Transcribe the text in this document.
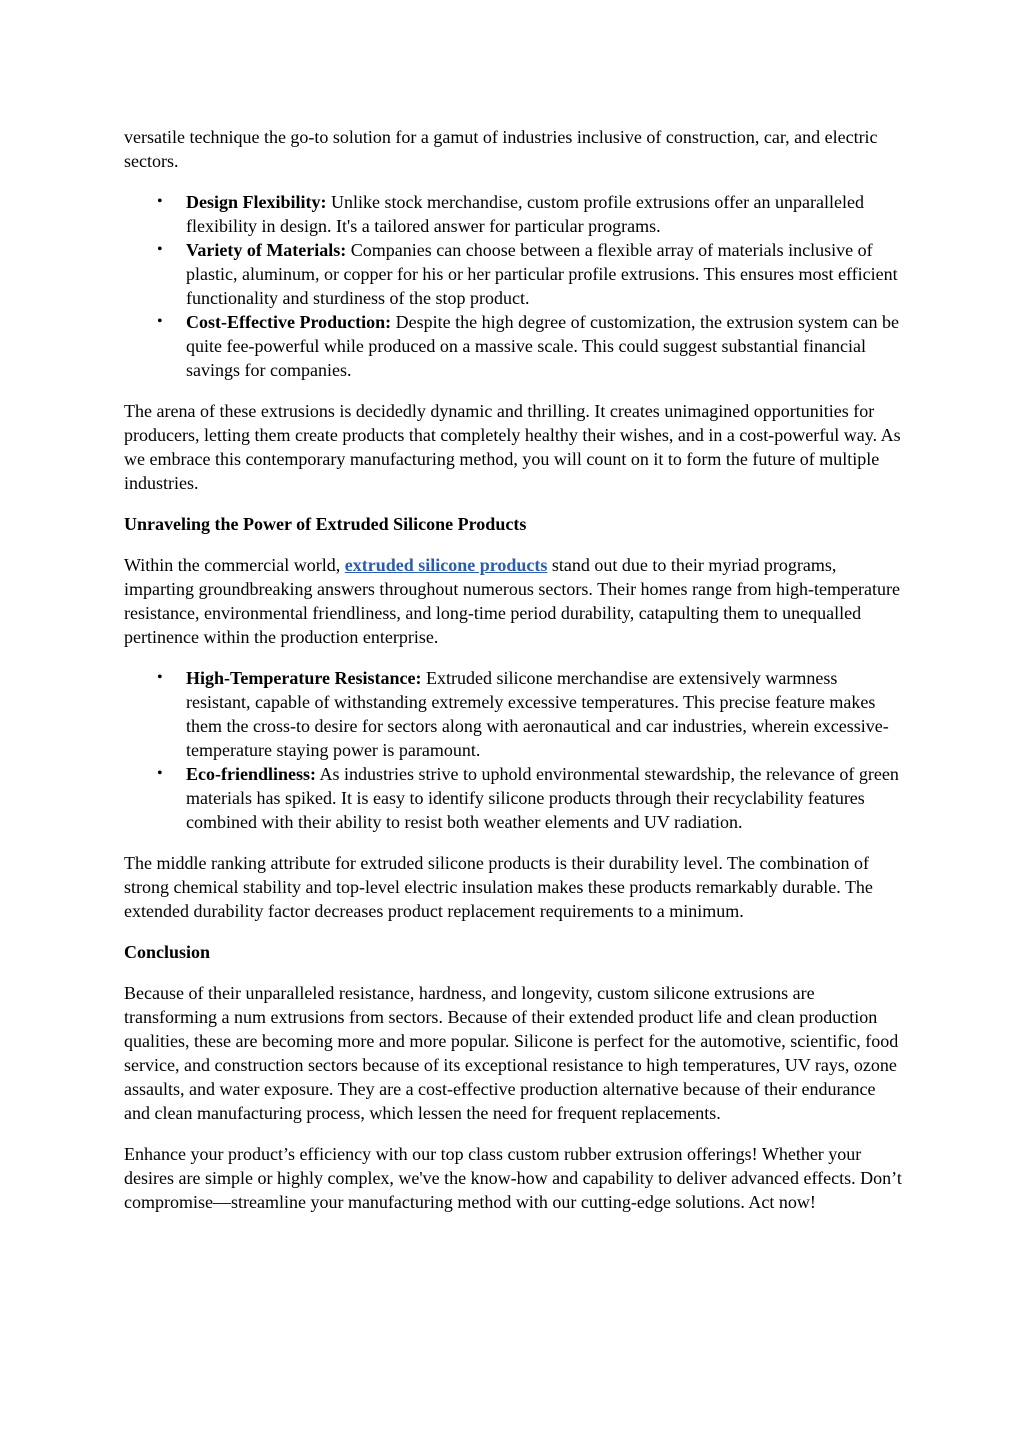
versatile technique the go-to solution for a gamut of industries inclusive of construction, car, and electric sectors.

• Design Flexibility: Unlike stock merchandise, custom profile extrusions offer an unparalleled flexibility in design. It's a tailored answer for particular programs.
• Variety of Materials: Companies can choose between a flexible array of materials inclusive of plastic, aluminum, or copper for his or her particular profile extrusions. This ensures most efficient functionality and sturdiness of the stop product.
• Cost-Effective Production: Despite the high degree of customization, the extrusion system can be quite fee-powerful while produced on a massive scale. This could suggest substantial financial savings for companies.

The arena of these extrusions is decidedly dynamic and thrilling. It creates unimagined opportunities for producers, letting them create products that completely healthy their wishes, and in a cost-powerful way. As we embrace this contemporary manufacturing method, you will count on it to form the future of multiple industries.

Unraveling the Power of Extruded Silicone Products

Within the commercial world, extruded silicone products stand out due to their myriad programs, imparting groundbreaking answers throughout numerous sectors. Their homes range from high-temperature resistance, environmental friendliness, and long-time period durability, catapulting them to unequalled pertinence within the production enterprise.

• High-Temperature Resistance: Extruded silicone merchandise are extensively warmness resistant, capable of withstanding extremely excessive temperatures. This precise feature makes them the cross-to desire for sectors along with aeronautical and car industries, wherein excessive-temperature staying power is paramount.
• Eco-friendliness: As industries strive to uphold environmental stewardship, the relevance of green materials has spiked. It is easy to identify silicone products through their recyclability features combined with their ability to resist both weather elements and UV radiation.

The middle ranking attribute for extruded silicone products is their durability level. The combination of strong chemical stability and top-level electric insulation makes these products remarkably durable. The extended durability factor decreases product replacement requirements to a minimum.

Conclusion

Because of their unparalleled resistance, hardness, and longevity, custom silicone extrusions are transforming a num extrusions from sectors. Because of their extended product life and clean production qualities, these are becoming more and more popular. Silicone is perfect for the automotive, scientific, food service, and construction sectors because of its exceptional resistance to high temperatures, UV rays, ozone assaults, and water exposure. They are a cost-effective production alternative because of their endurance and clean manufacturing process, which lessen the need for frequent replacements.

Enhance your product’s efficiency with our top class custom rubber extrusion offerings! Whether your desires are simple or highly complex, we've the know-how and capability to deliver advanced effects. Don’t compromise—streamline your manufacturing method with our cutting-edge solutions. Act now!
